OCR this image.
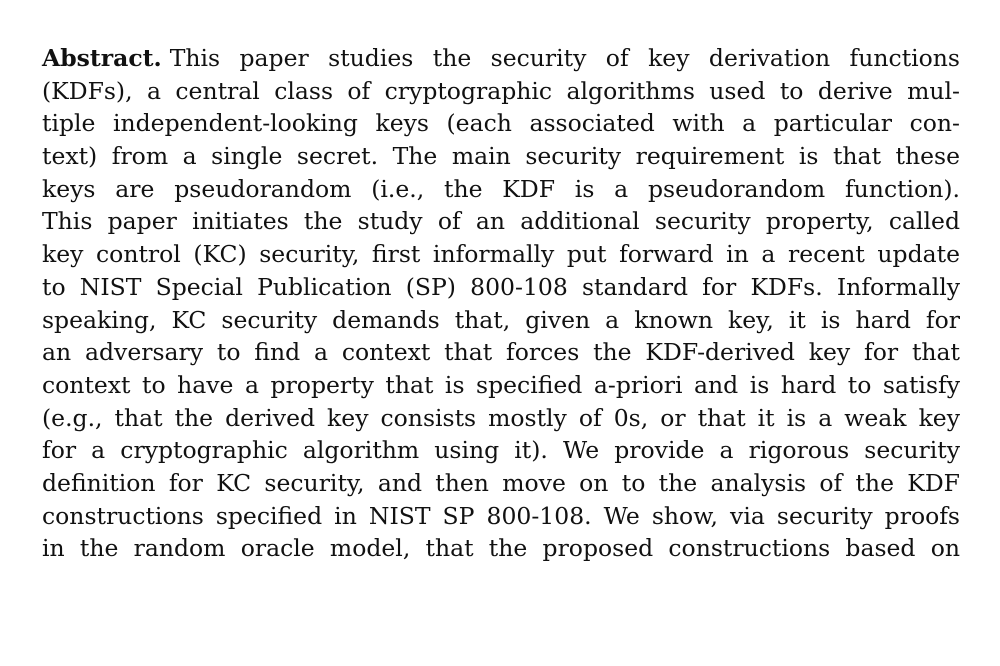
Abstract. This paper studies the security of key derivation functions
(KDFs), a central class of cryptographic algorithms used to derive mul-
tiple independent-looking keys (each associated with a particular con-
text) from a single secret. The main security requirement is that these
keys are pseudorandom (i.e., the KDF is a pseudorandom function).
This paper initiates the study of an additional security property, called
key control (KC) security, first informally put forward in a recent update
to NIST Special Publication (SP) 800-108 standard for KDFs. Informally
speaking, KC security demands that, given a known key, it is hard for
an adversary to find a context that forces the KDF-derived key for that
context to have a property that is specified a-priori and is hard to satisfy
(e.g., that the derived key consists mostly of 0s, or that it is a weak key
for a cryptographic algorithm using it). We provide a rigorous security
definition for KC security, and then move on to the analysis of the KDF
constructions specified in NIST SP 800-108. We show, via security proofs
in the random oracle model, that the proposed constructions based on
